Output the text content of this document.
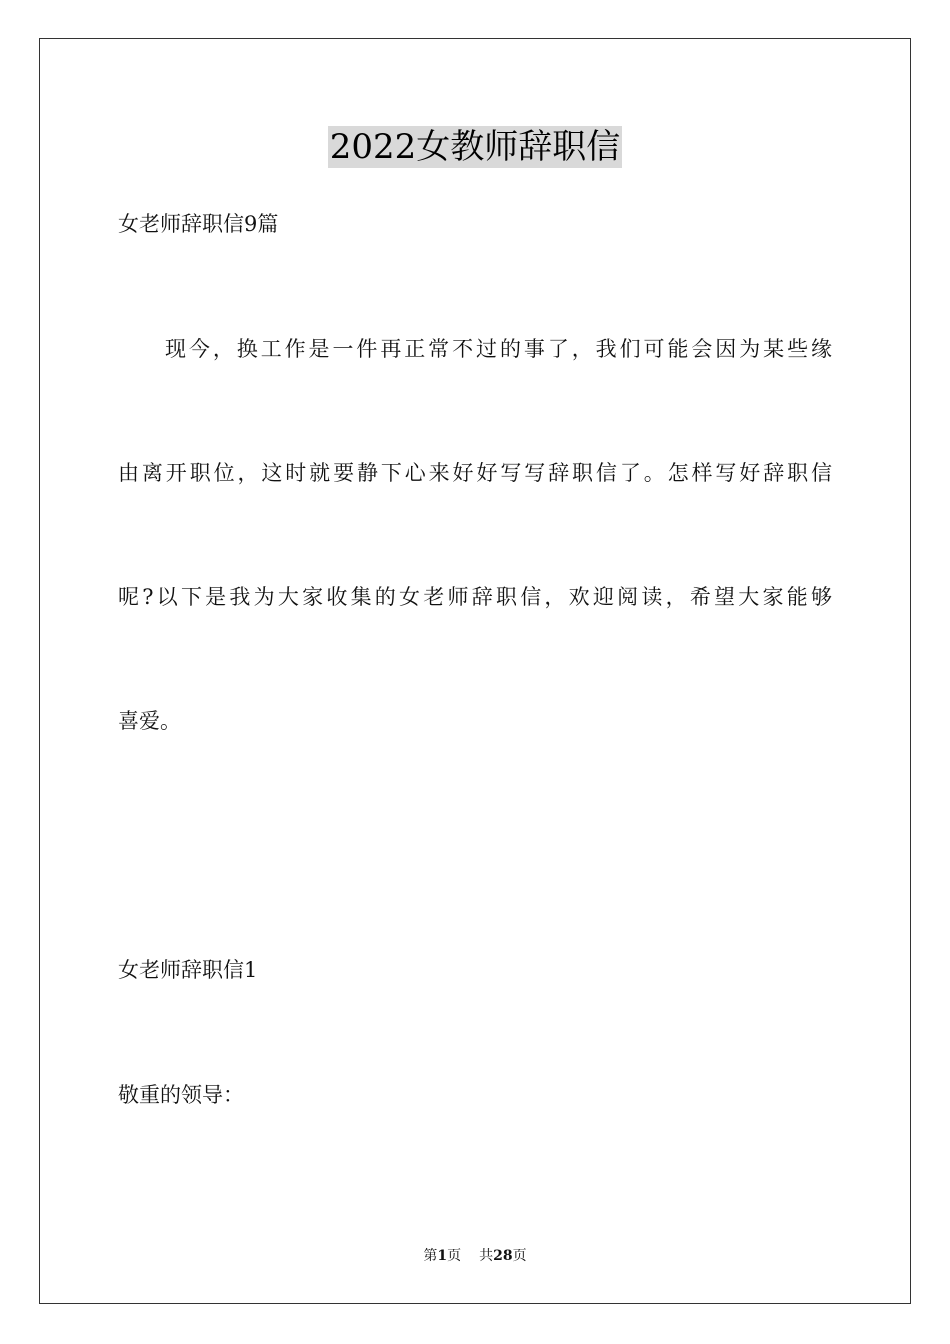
2022女教师辞职信
女老师辞职信9篇
现今，换工作是一件再正常不过的事了，我们可能会因为某些缘
由离开职位，这时就要静下心来好好写写辞职信了。怎样写好辞职信
呢?以下是我为大家收集的女老师辞职信，欢迎阅读，希望大家能够
喜爱。
女老师辞职信1
敬重的领导：
第1页 共28页
